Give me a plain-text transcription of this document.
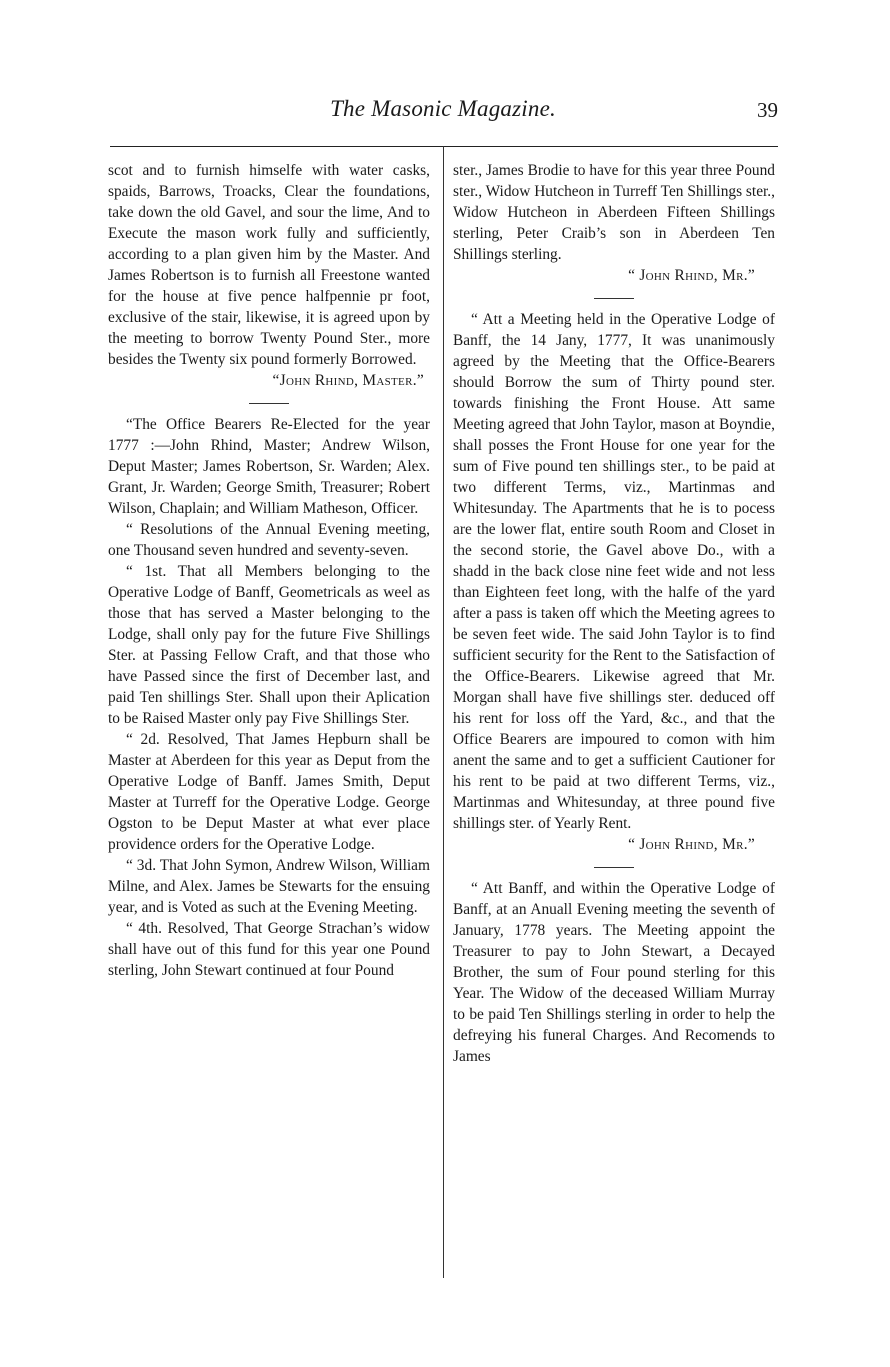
The Masonic Magazine.	39

scot and to furnish himselfe with water casks, spaids, Barrows, Troacks, Clear the foundations, take down the old Gavel, and sour the lime, And to Execute the mason work fully and sufficiently, according to a plan given him by the Master. And James Robertson is to furnish all Freestone wanted for the house at five pence halfpennie pr foot, exclusive of the stair, likewise, it is agreed upon by the meeting to borrow Twenty Pound Ster., more besides the Twenty six pound formerly Borrowed.

“John Rhind, Master.”

“The Office Bearers Re-Elected for the year 1777 :—John Rhind, Master; Andrew Wilson, Deput Master; James Robertson, Sr. Warden; Alex. Grant, Jr. Warden; George Smith, Treasurer; Robert Wilson, Chaplain; and William Matheson, Officer.

“ Resolutions of the Annual Evening meeting, one Thousand seven hundred and seventy-seven.

“ 1st. That all Members belonging to the Operative Lodge of Banff, Geometricals as weel as those that has served a Master belonging to the Lodge, shall only pay for the future Five Shillings Ster. at Passing Fellow Craft, and that those who have Passed since the first of December last, and paid Ten shillings Ster. Shall upon their Aplication to be Raised Master only pay Five Shillings Ster.

“ 2d. Resolved, That James Hepburn shall be Master at Aberdeen for this year as Deput from the Operative Lodge of Banff. James Smith, Deput Master at Turreff for the Operative Lodge. George Ogston to be Deput Master at what ever place providence orders for the Operative Lodge.

“ 3d. That John Symon, Andrew Wilson, William Milne, and Alex. James be Stewarts for the ensuing year, and is Voted as such at the Evening Meeting.

“ 4th. Resolved, That George Strachan’s widow shall have out of this fund for this year one Pound sterling, John Stewart continued at four Pound

ster., James Brodie to have for this year three Pound ster., Widow Hutcheon in Turreff Ten Shillings ster., Widow Hutcheon in Aberdeen Fifteen Shillings sterling, Peter Craib’s son in Aberdeen Ten Shillings sterling.

“ John Rhind, Mr.”

“ Att a Meeting held in the Operative Lodge of Banff, the 14 Jany, 1777, It was unanimously agreed by the Meeting that the Office-Bearers should Borrow the sum of Thirty pound ster. towards finishing the Front House. Att same Meeting agreed that John Taylor, mason at Boyndie, shall posses the Front House for one year for the sum of Five pound ten shillings ster., to be paid at two different Terms, viz., Martinmas and Whitesunday. The Apartments that he is to pocess are the lower flat, entire south Room and Closet in the second storie, the Gavel above Do., with a shadd in the back close nine feet wide and not less than Eighteen feet long, with the halfe of the yard after a pass is taken off which the Meeting agrees to be seven feet wide. The said John Taylor is to find sufficient security for the Rent to the Satisfaction of the Office-Bearers. Likewise agreed that Mr. Morgan shall have five shillings ster. deduced off his rent for loss off the Yard, &c., and that the Office Bearers are impoured to comon with him anent the same and to get a sufficient Cautioner for his rent to be paid at two different Terms, viz., Martinmas and Whitesunday, at three pound five shillings ster. of Yearly Rent.

“ John Rhind, Mr.”

“ Att Banff, and within the Operative Lodge of Banff, at an Anuall Evening meeting the seventh of January, 1778 years. The Meeting appoint the Treasurer to pay to John Stewart, a Decayed Brother, the sum of Four pound sterling for this Year. The Widow of the deceased William Murray to be paid Ten Shillings sterling in order to help the defreying his funeral Charges. And Recomends to James
